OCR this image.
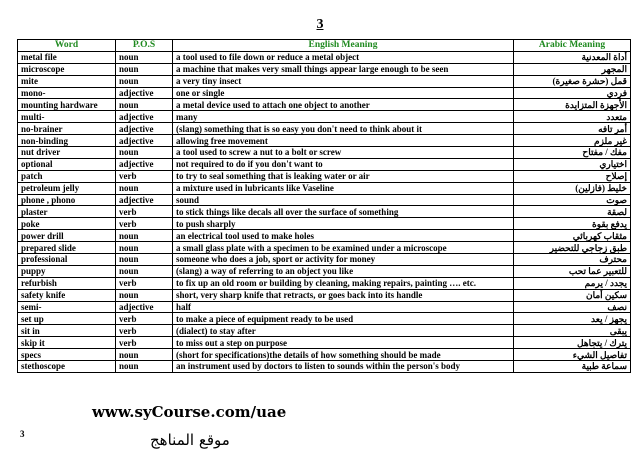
3
Word	P.O.S	English Meaning	Arabic Meaning
metal file	noun	a tool used to file down or reduce a metal object	أداة المعدنية
microscope	noun	a machine that makes very small things appear large enough to be seen	المجهر
mite	noun	a very tiny insect	قمل (حشرة صغيرة)
mono-	adjective	one or single	فردي
mounting hardware	noun	a metal device used to attach one object to another	الأجهزة المتزايدة
multi-	adjective	many	متعدد
no-brainer	adjective	(slang) something that is so easy you don't need to think about it	أمر تافه
non-binding	adjective	allowing free movement	غير ملزم
nut driver	noun	a tool used to screw a nut to a bolt or screw	مفك / مفتاح
optional	adjective	not required to do if you don't want to	اختياري
patch	verb	to try to seal something that is leaking water or air	إصلاح
petroleum jelly	noun	a mixture used in lubricants like Vaseline	خليط (فازلين)
phone , phono	adjective	sound	صوت
plaster	verb	to stick things like decals all over the surface of something	لصقة
poke	verb	to push sharply	يدفع بقوة
power drill	noun	an electrical tool used to make holes	مثقاب كهربائي
prepared slide	noun	a small glass plate with a specimen to be examined under a microscope	طبق زجاجي للتحضير
professional	noun	someone who does a job, sport or activity for money	محترف
puppy	noun	(slang) a way of referring to an object you like	للتعبير عما تحب
refurbish	verb	to fix up an old room or building by cleaning, making repairs, painting …. etc.	يجدد / يرمم
safety knife	noun	short, very sharp knife that retracts, or goes back into its handle	سكين أمان
semi-	adjective	half	نصف
set up	verb	to make a piece of equipment ready to be used	يجهز / يعد
sit in	verb	(dialect) to stay after	يبقى
skip it	verb	to miss out a step on purpose	يترك / يتجاهل
specs	noun	(short for specifications)the details of how something should be made	تفاصيل الشيء
stethoscope	noun	an instrument used by doctors to listen to sounds within the person's body	سماعة طبية
www.syCourse.com/uae
3	موقع المناهج
